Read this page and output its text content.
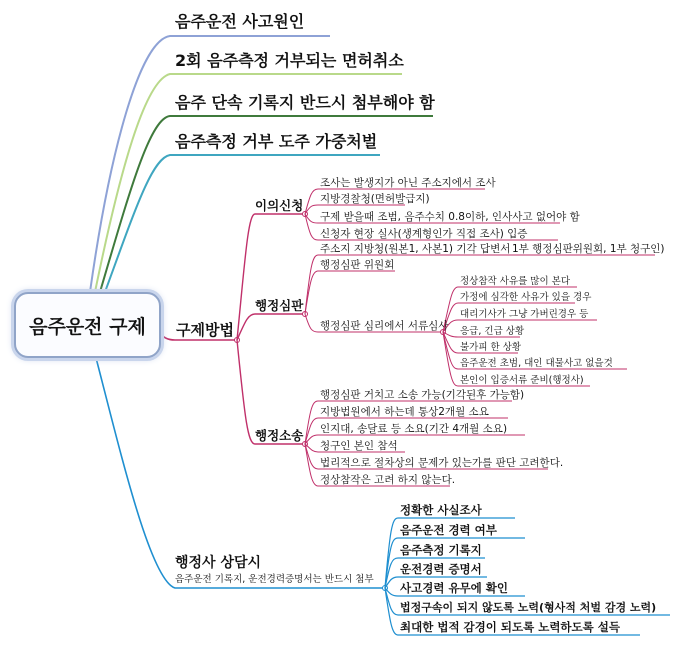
음주운전 사고원인
2회 음주측정 거부되는 면허취소
음주 단속 기록지 반드시 첨부해야 함
음주측정 거부 도주 가중처벌
음주운전 구제 구제방법
이의신청
조사는 발생지가 아닌 주소지에서 조사
지방경찰청(면허발급지)
구제 받을때 조범, 음주수치 0.8이하, 인사사고 없어야 함
신청자 현장 실사(생계형인가 직접 조사) 입증
행정심판
주소지 지방청(원본1, 사본1) 기각 답변서 1부 행정심판위원회, 1부 청구인)
행정심판 위원회
행정심판 심리에서 서류심사
정상참작 사유를 많이 본다
가정에 심각한 사유가 있을 경우
대리기사가 그냥 가버린경우 등
응급, 긴급 상황
불가피 한 상황
음주운전 초범, 대인 대물사고 없을것
본인이 입증서류 준비(행정사)
행정소송
행정심판 거치고 소송 가능(기각된후 가능함)
지방법원에서 하는데 통상2개월 소요
인지대, 송달료 등 소요(기간 4개월 소요)
청구인 본인 참석
법리적으로 절차상의 문제가 있는가를 판단 고려한다.
정상참작은 고려 하지 않는다.
행정사 상담시
음주운전 기록지, 운전경력증명서는 반드시 첨부
정확한 사실조사
음주운전 경력 여부
음주측정 기록지
운전경력 증명서
사고경력 유무에 확인
법정구속이 되지 않도록 노력(형사적 처벌 감경 노력)
최대한 법적 감경이 되도록 노력하도록 설득
